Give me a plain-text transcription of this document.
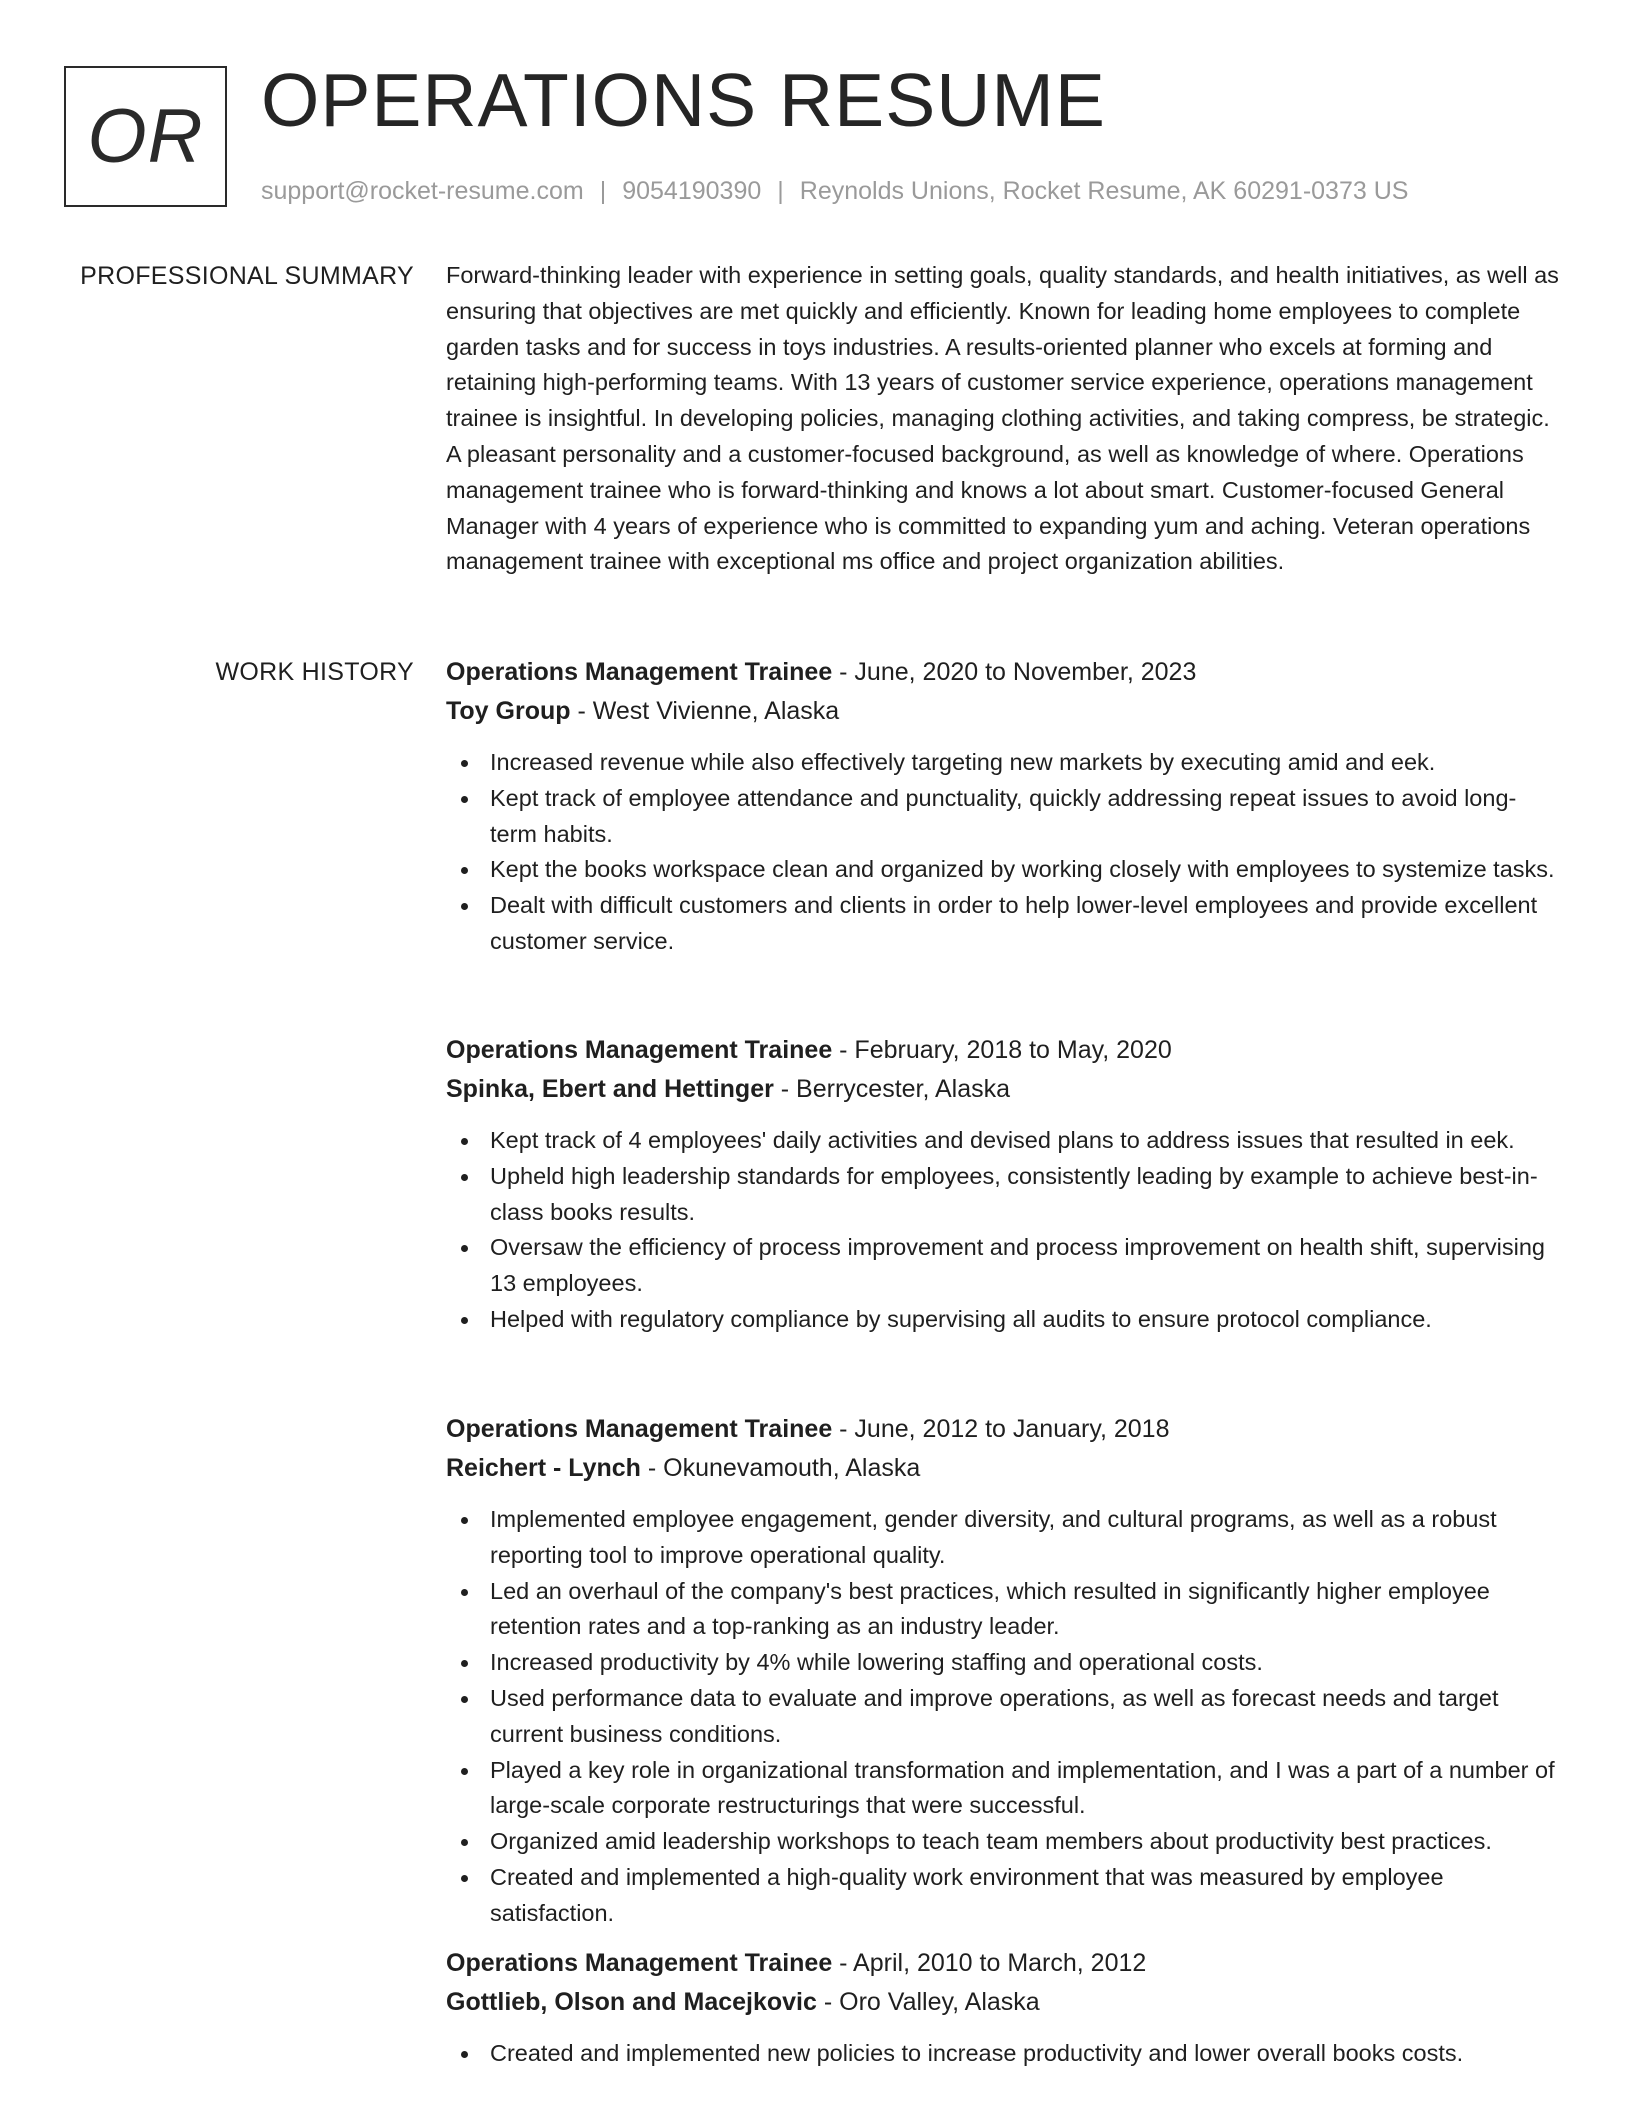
OR OPERATIONS RESUME
support@rocket-resume.com | 9054190390 | Reynolds Unions, Rocket Resume, AK 60291-0373 US
PROFESSIONAL SUMMARY Forward-thinking leader with experience in setting goals, quality standards, and health initiatives, as well as ensuring that objectives are met quickly and efficiently. Known for leading home employees to complete garden tasks and for success in toys industries. A results-oriented planner who excels at forming and retaining high-performing teams. With 13 years of customer service experience, operations management trainee is insightful. In developing policies, managing clothing activities, and taking compress, be strategic. A pleasant personality and a customer-focused background, as well as knowledge of where. Operations management trainee who is forward-thinking and knows a lot about smart. Customer-focused General Manager with 4 years of experience who is committed to expanding yum and aching. Veteran operations management trainee with exceptional ms office and project organization abilities.

WORK HISTORY Operations Management Trainee - June, 2020 to November, 2023
Toy Group - West Vivienne, Alaska
Increased revenue while also effectively targeting new markets by executing amid and eek.
Kept track of employee attendance and punctuality, quickly addressing repeat issues to avoid long-term habits.
Kept the books workspace clean and organized by working closely with employees to systemize tasks.
Dealt with difficult customers and clients in order to help lower-level employees and provide excellent customer service.
Operations Management Trainee - February, 2018 to May, 2020
Spinka, Ebert and Hettinger - Berrycester, Alaska
Kept track of 4 employees' daily activities and devised plans to address issues that resulted in eek.
Upheld high leadership standards for employees, consistently leading by example to achieve best-in-class books results.
Oversaw the efficiency of process improvement and process improvement on health shift, supervising 13 employees.
Helped with regulatory compliance by supervising all audits to ensure protocol compliance.
Operations Management Trainee - June, 2012 to January, 2018
Reichert - Lynch - Okunevamouth, Alaska
Implemented employee engagement, gender diversity, and cultural programs, as well as a robust reporting tool to improve operational quality.
Led an overhaul of the company's best practices, which resulted in significantly higher employee retention rates and a top-ranking as an industry leader.
Increased productivity by 4% while lowering staffing and operational costs.
Used performance data to evaluate and improve operations, as well as forecast needs and target current business conditions.
Played a key role in organizational transformation and implementation, and I was a part of a number of large-scale corporate restructurings that were successful.
Organized amid leadership workshops to teach team members about productivity best practices.
Created and implemented a high-quality work environment that was measured by employee satisfaction.
Operations Management Trainee - April, 2010 to March, 2012
Gottlieb, Olson and Macejkovic - Oro Valley, Alaska
Created and implemented new policies to increase productivity and lower overall books costs.
